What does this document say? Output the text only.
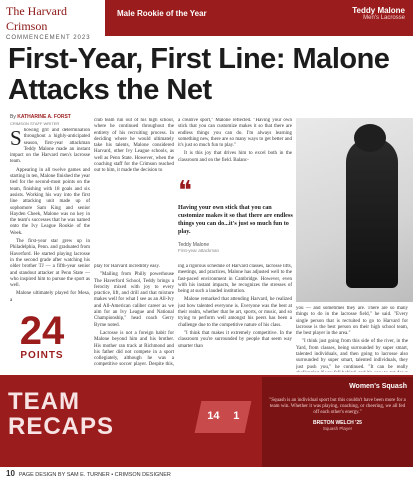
The Harvard Crimson
COMMENCEMENT 2023
Male Rookie of the Year	Teddy Malone
Men's Lacrosse
First-Year, First Line: Malone Attacks the Net
By KATHARINE A. FORST
CRIMSON STAFF WRITER

Showing grit and determination throughout a highly-anticipated season, first-year attackman Teddy Malone made an instant impact on the Harvard men's lacrosse team.

Appearing in all twelve games and starting in ten, Malone finished the year tied for the second-most points on the team, finishing with 18 goals and six assists. Working his way into the first line attacking unit made up of sophomore Sam King and senior Hayden Cheek, Malone was no key in the team's successes that he was named onto the Ivy League Rookie of the Week.

The first-year star grew up in Philadelphia, Penn. and graduated from Haverford. He started playing lacrosse in the second grade after watching his older brother TJ — a fifth-year senior and standout attacker at Penn State — who inspired him to pursue the sport as well.

Malone ultimately played for Mesa, a

club team run out of his high school, where he continued throughout the entirety of his recruiting process. In deciding where he would ultimately take his talents, Malone considered Harvard, other Ivy League schools, as well as Penn State. However, when the coaching staff for the Crimson reached out to him, it made the decision to

play for Harvard incredibly easy.

"Mailing from Philly powerhouse The Haverford School, Teddy brings a ferocity mixed with joy to every practice, lift, and drill and that mixture makes well for what I see as an All-Ivy and All-American caliber career as we aim for an Ivy League and National Championship," head coach Gerry Byrne noted.

Lacrosse is not a foreign habit for Malone beyond him and his brother. His mother ran track at Richmond and his father did not compete in a sport collegiately, although he was a competitive soccer player. Despite this,

a creative sport," Malone reflected. "Having your own stick that you can customize makes it so that there are endless things you can do. I'm always learning something new, there are so many ways to get better and it's just so much fun to play."

It is this joy that drives him to excel both in the classroom and on the field. Balanc-

ing a rigorous schedule of Harvard classes, lacrosse lifts, meetings, and practices, Malone has adjusted well to the fast-paced environment in Cambridge. However, even with his instant impacts, he recognizes the stresses of being at such a lauded institution.

Malone remarked that attending Harvard, he realized just how talented everyone is. Everyone was the best at their realm, whether that be art, sports, or music, and so trying to perform well amongst his peers has been a challenge due to the competitive nature of his class.

"I think that makes it extremely competitive. In the classroom you're surrounded by people that seem way smarter than

❝
Having your own stick that you can customize makes it so that there are endless things you can do...it's just so much fun to play.
Teddy Malone
First-year attackman

you — and sometimes they are. There are so many things to do in the lacrosse field," he said. "Every single person that is recruited to go to Harvard for lacrosse is the best person on their high school team, the best player in the area."

"I think just going from this side of the river, in the Yard, from classes, being surrounded by super smart, talented individuals, and then going to lacrosse also surrounded by super smart, talented individuals, they just push you," he continued. "It can be really

24
POINTS
TEAM
RECAPS	14 1
Women's Squash
"Squash is an individual sport but this couldn't have been more for a team win. Whether it was playing, coaching, or cheering, we all fed off each other's energy."
BRETON WELCH '25
Squash Player
10 PAGE DESIGN BY SAM E. TURNER • CRIMSON DESIGNER
